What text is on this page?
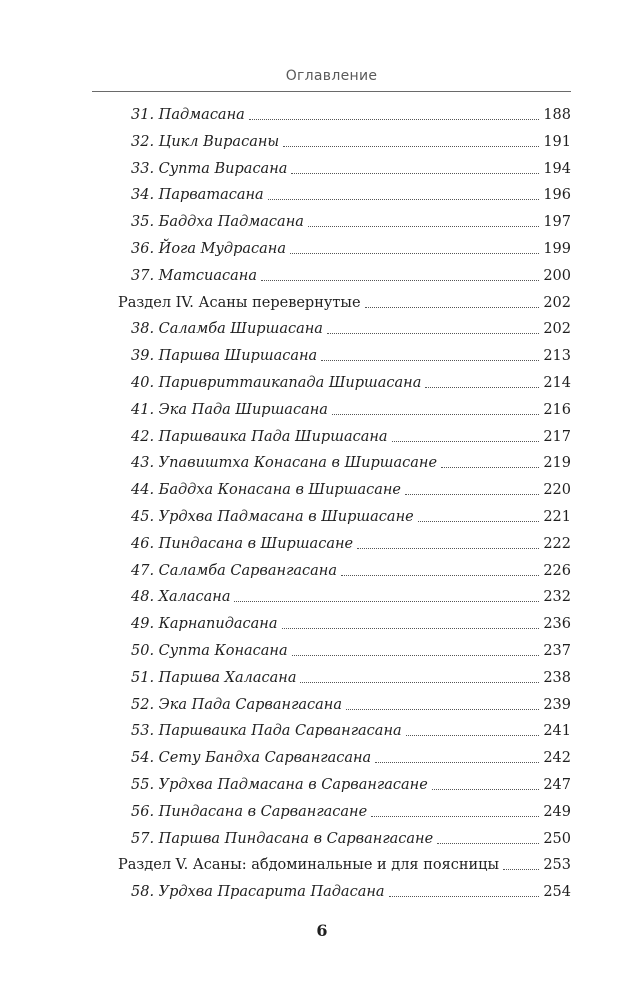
Оглавление
31. Падмасана	188
32. Цикл Вирасаны	191
33. Супта Вирасана	194
34. Парватасана	196
35. Баддха Падмасана	197
36. Йога Мудрасана	199
37. Матсиасана	200
Раздел IV. Асаны перевернутые	202
38. Саламба Ширшасана	202
39. Паршва Ширшасана	213
40. Паривриттаикапада Ширшасана	214
41. Эка Пада Ширшасана	216
42. Паршваика Пада Ширшасана	217
43. Упавиштха Конасана в Ширшасане	219
44. Баддха Конасана в Ширшасане	220
45. Урдхва Падмасана в Ширшасане	221
46. Пиндасана в Ширшасане	222
47. Саламба Сарвангасана	226
48. Халасана	232
49. Карнапидасана	236
50. Супта Конасана	237
51. Паршва Халасана	238
52. Эка Пада Сарвангасана	239
53. Паршваика Пада Сарвангасана	241
54. Сету Бандха Сарвангасана	242
55. Урдхва Падмасана в Сарвангасане	247
56. Пиндасана в Сарвангасане	249
57. Паршва Пиндасана в Сарвангасане	250
Раздел V. Асаны: абдоминальные и для поясницы	253
58. Урдхва Прасарита Падасана	254
6
